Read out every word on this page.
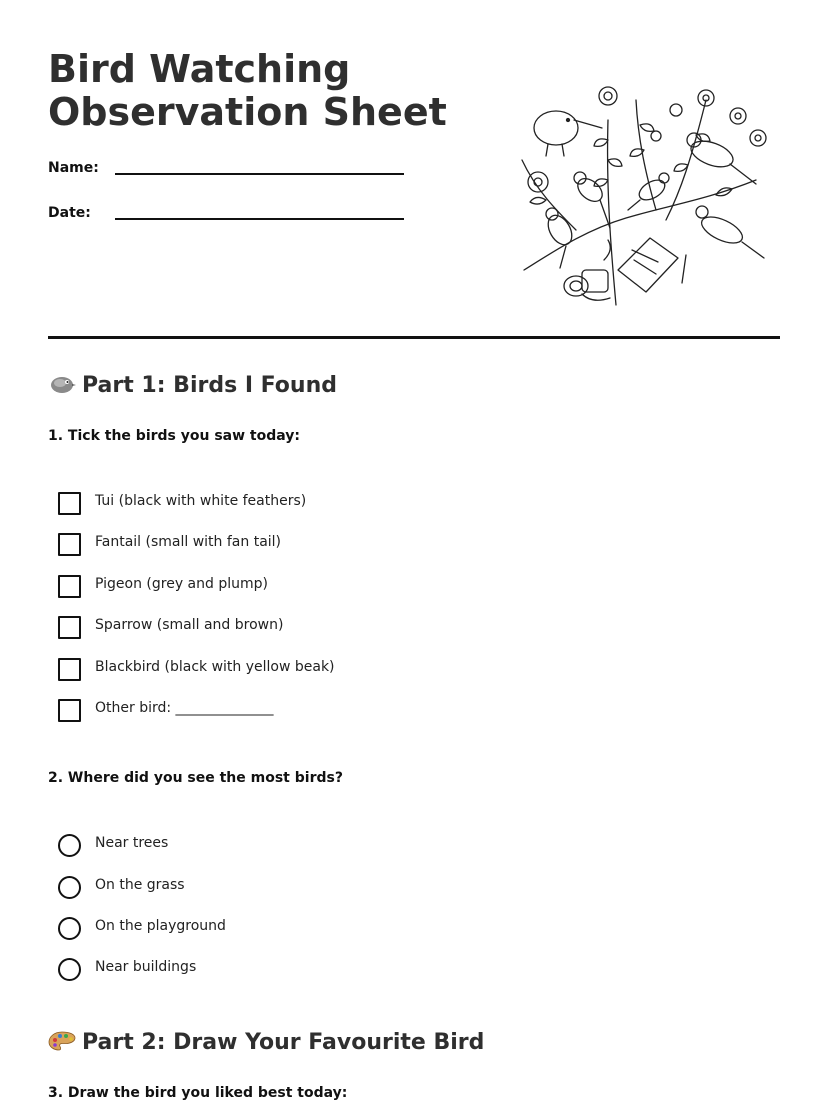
Bird Watching
Observation Sheet
Name:
Date:
Part 1: Birds I Found

1. Tick the birds you saw today:

Tui (black with white feathers)
Fantail (small with fan tail)
Pigeon (grey and plump)
Sparrow (small and brown)
Blackbird (black with yellow beak)
Other bird: ______________

2. Where did you see the most birds?

Near trees
On the grass
On the playground
Near buildings
Part 2: Draw Your Favourite Bird

3. Draw the bird you liked best today:
